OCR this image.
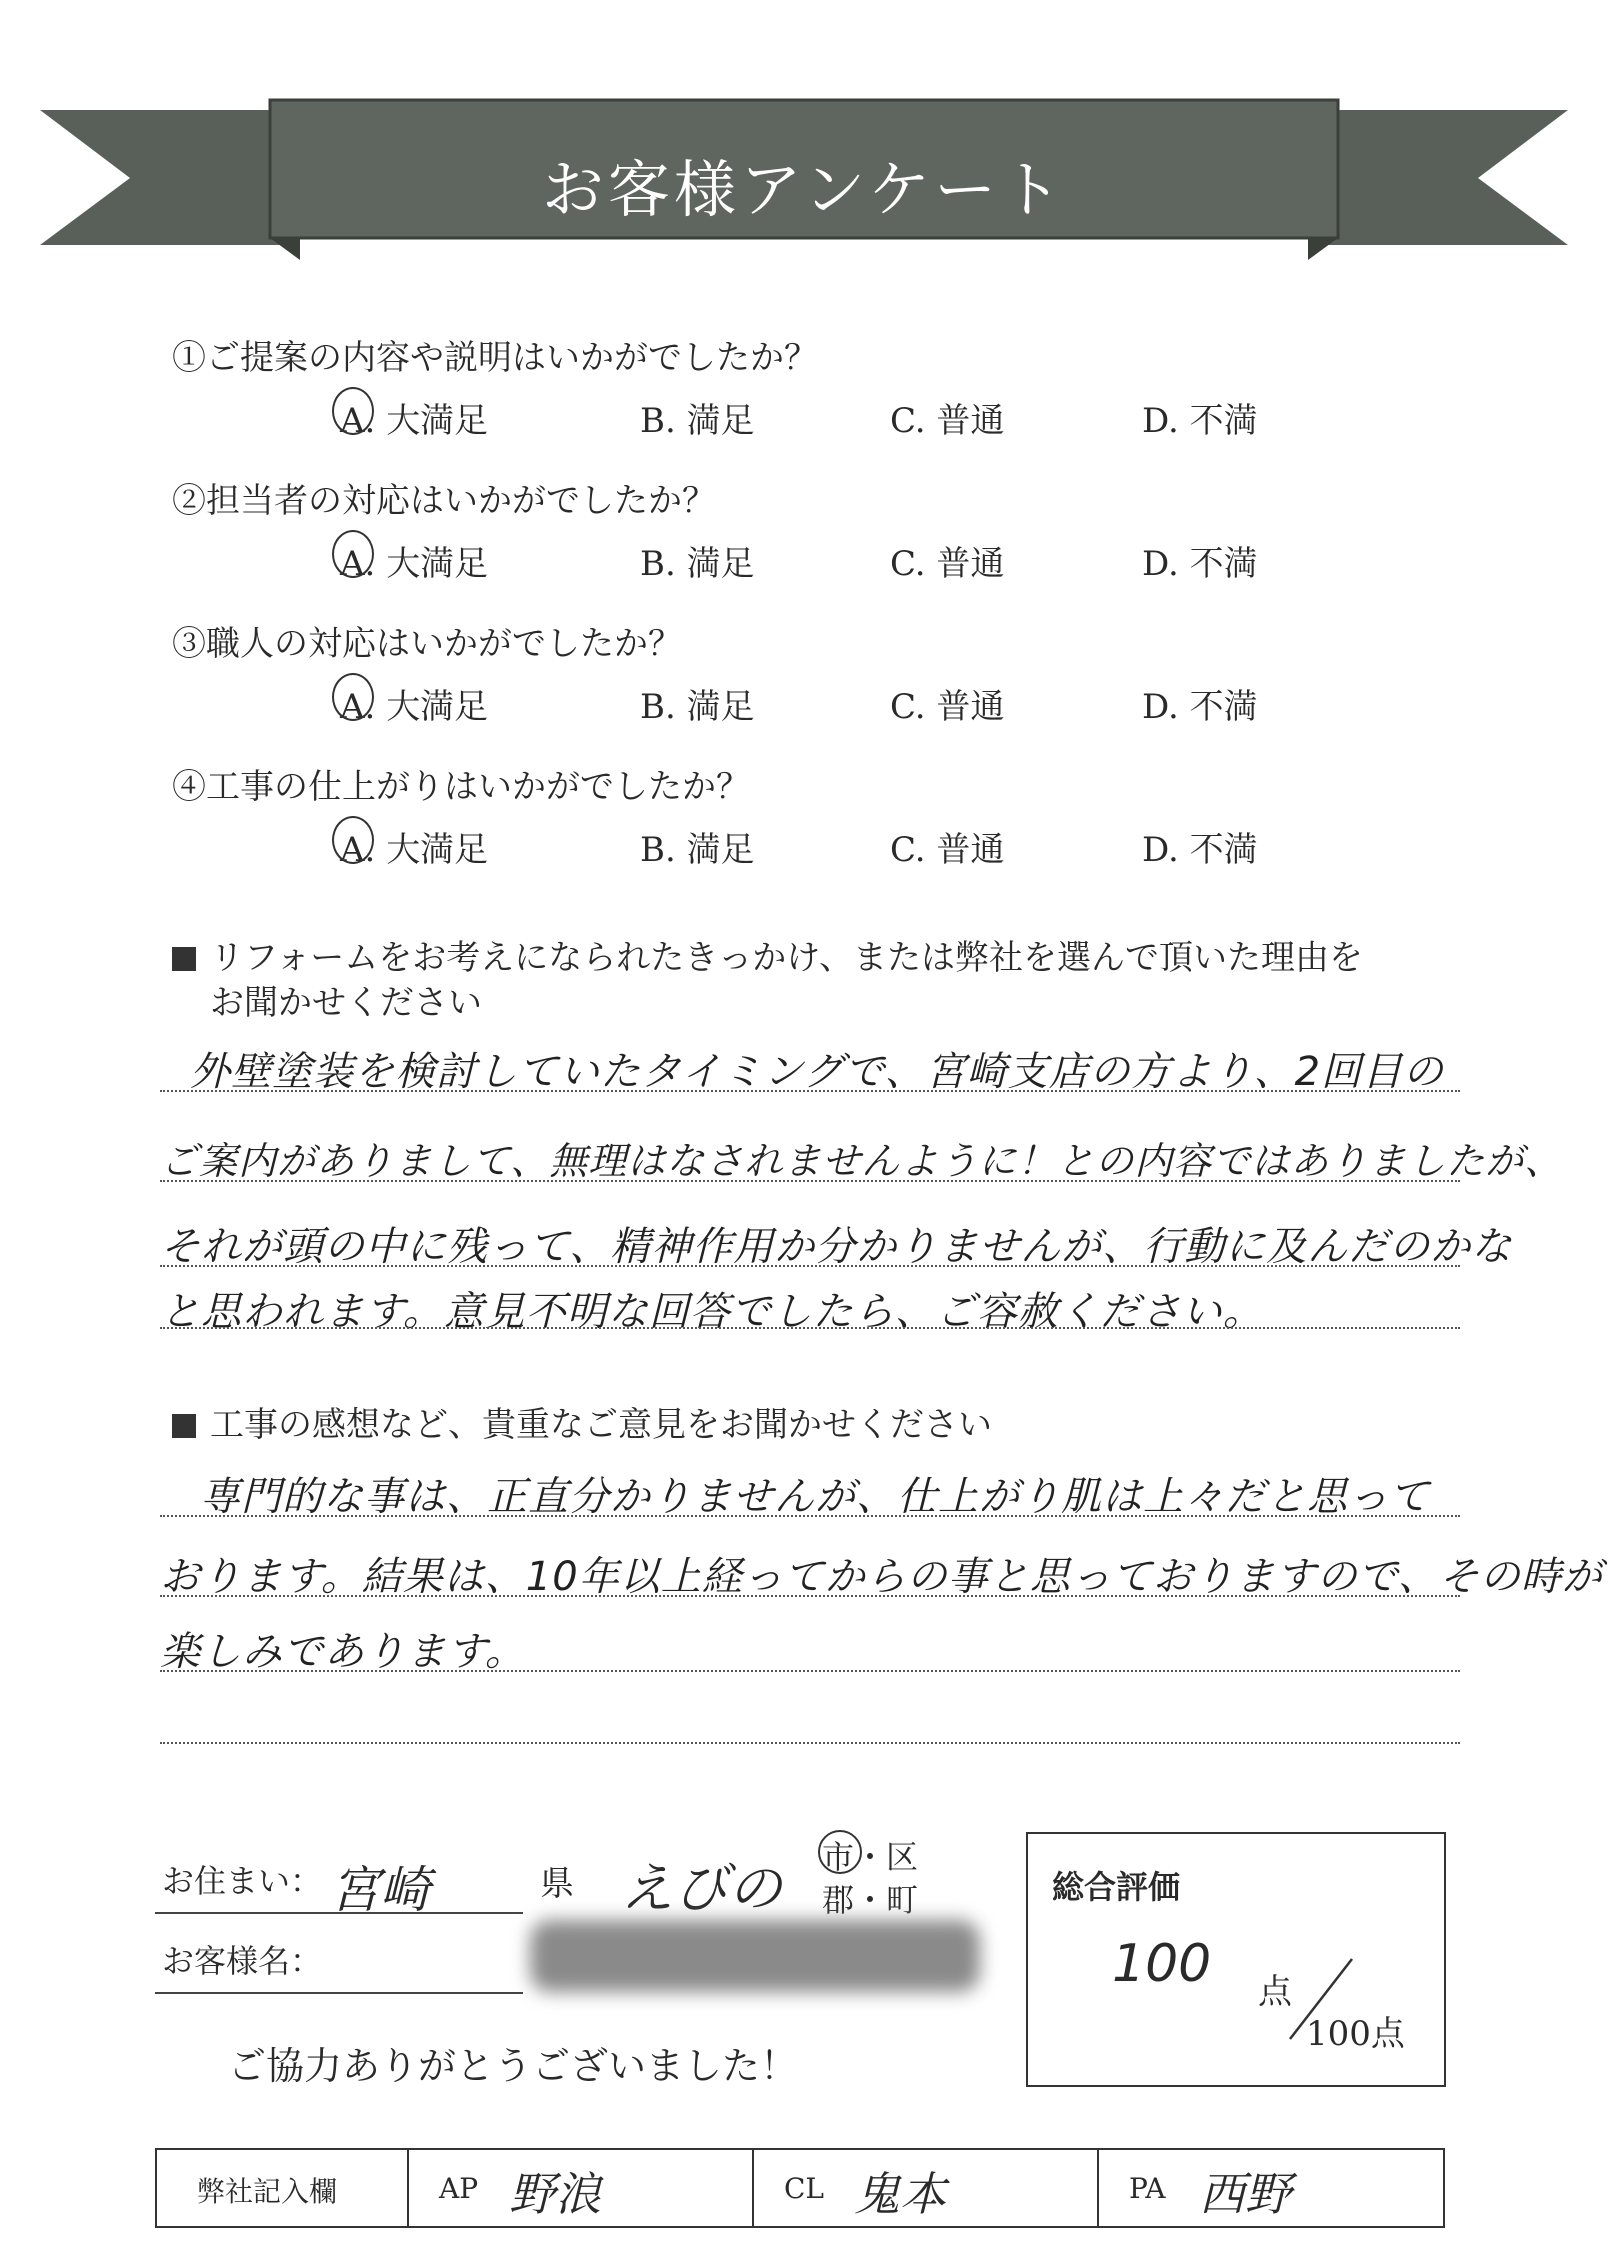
お客様アンケート
①ご提案の内容や説明はいかがでしたか？
②担当者の対応はいかがでしたか？
③職人の対応はいかがでしたか？
④工事の仕上がりはいかがでしたか？
A. 大満足	B. 満足	C. 普通	D. 不満
A. 大満足	B. 満足	C. 普通	D. 不満
A. 大満足	B. 満足	C. 普通	D. 不満
A. 大満足	B. 満足	C. 普通	D. 不満
リフォームをお考えになられたきっかけ、または弊社を選んで頂いた理由を
お聞かせください
外壁塗装を検討していたタイミングで、宮崎支店の方より、2回目の
ご案内がありまして、無理はなされませんように！との内容ではありましたが、
それが頭の中に残って、精神作用か分かりませんが、行動に及んだのかな
と思われます。意見不明な回答でしたら、ご容赦ください。
工事の感想など、貴重なご意見をお聞かせください
専門的な事は、正直分かりませんが、仕上がり肌は上々だと思って
おります。結果は、10年以上経ってからの事と思っておりますので、その時が
楽しみであります。
お住まい： 宮崎	県 えびの 市・区
郡・町
お客様名：
ご協力ありがとうございました！
総合評価
100 点
100点
弊社記入欄	AP 野浪	CL 鬼本	PA 西野
